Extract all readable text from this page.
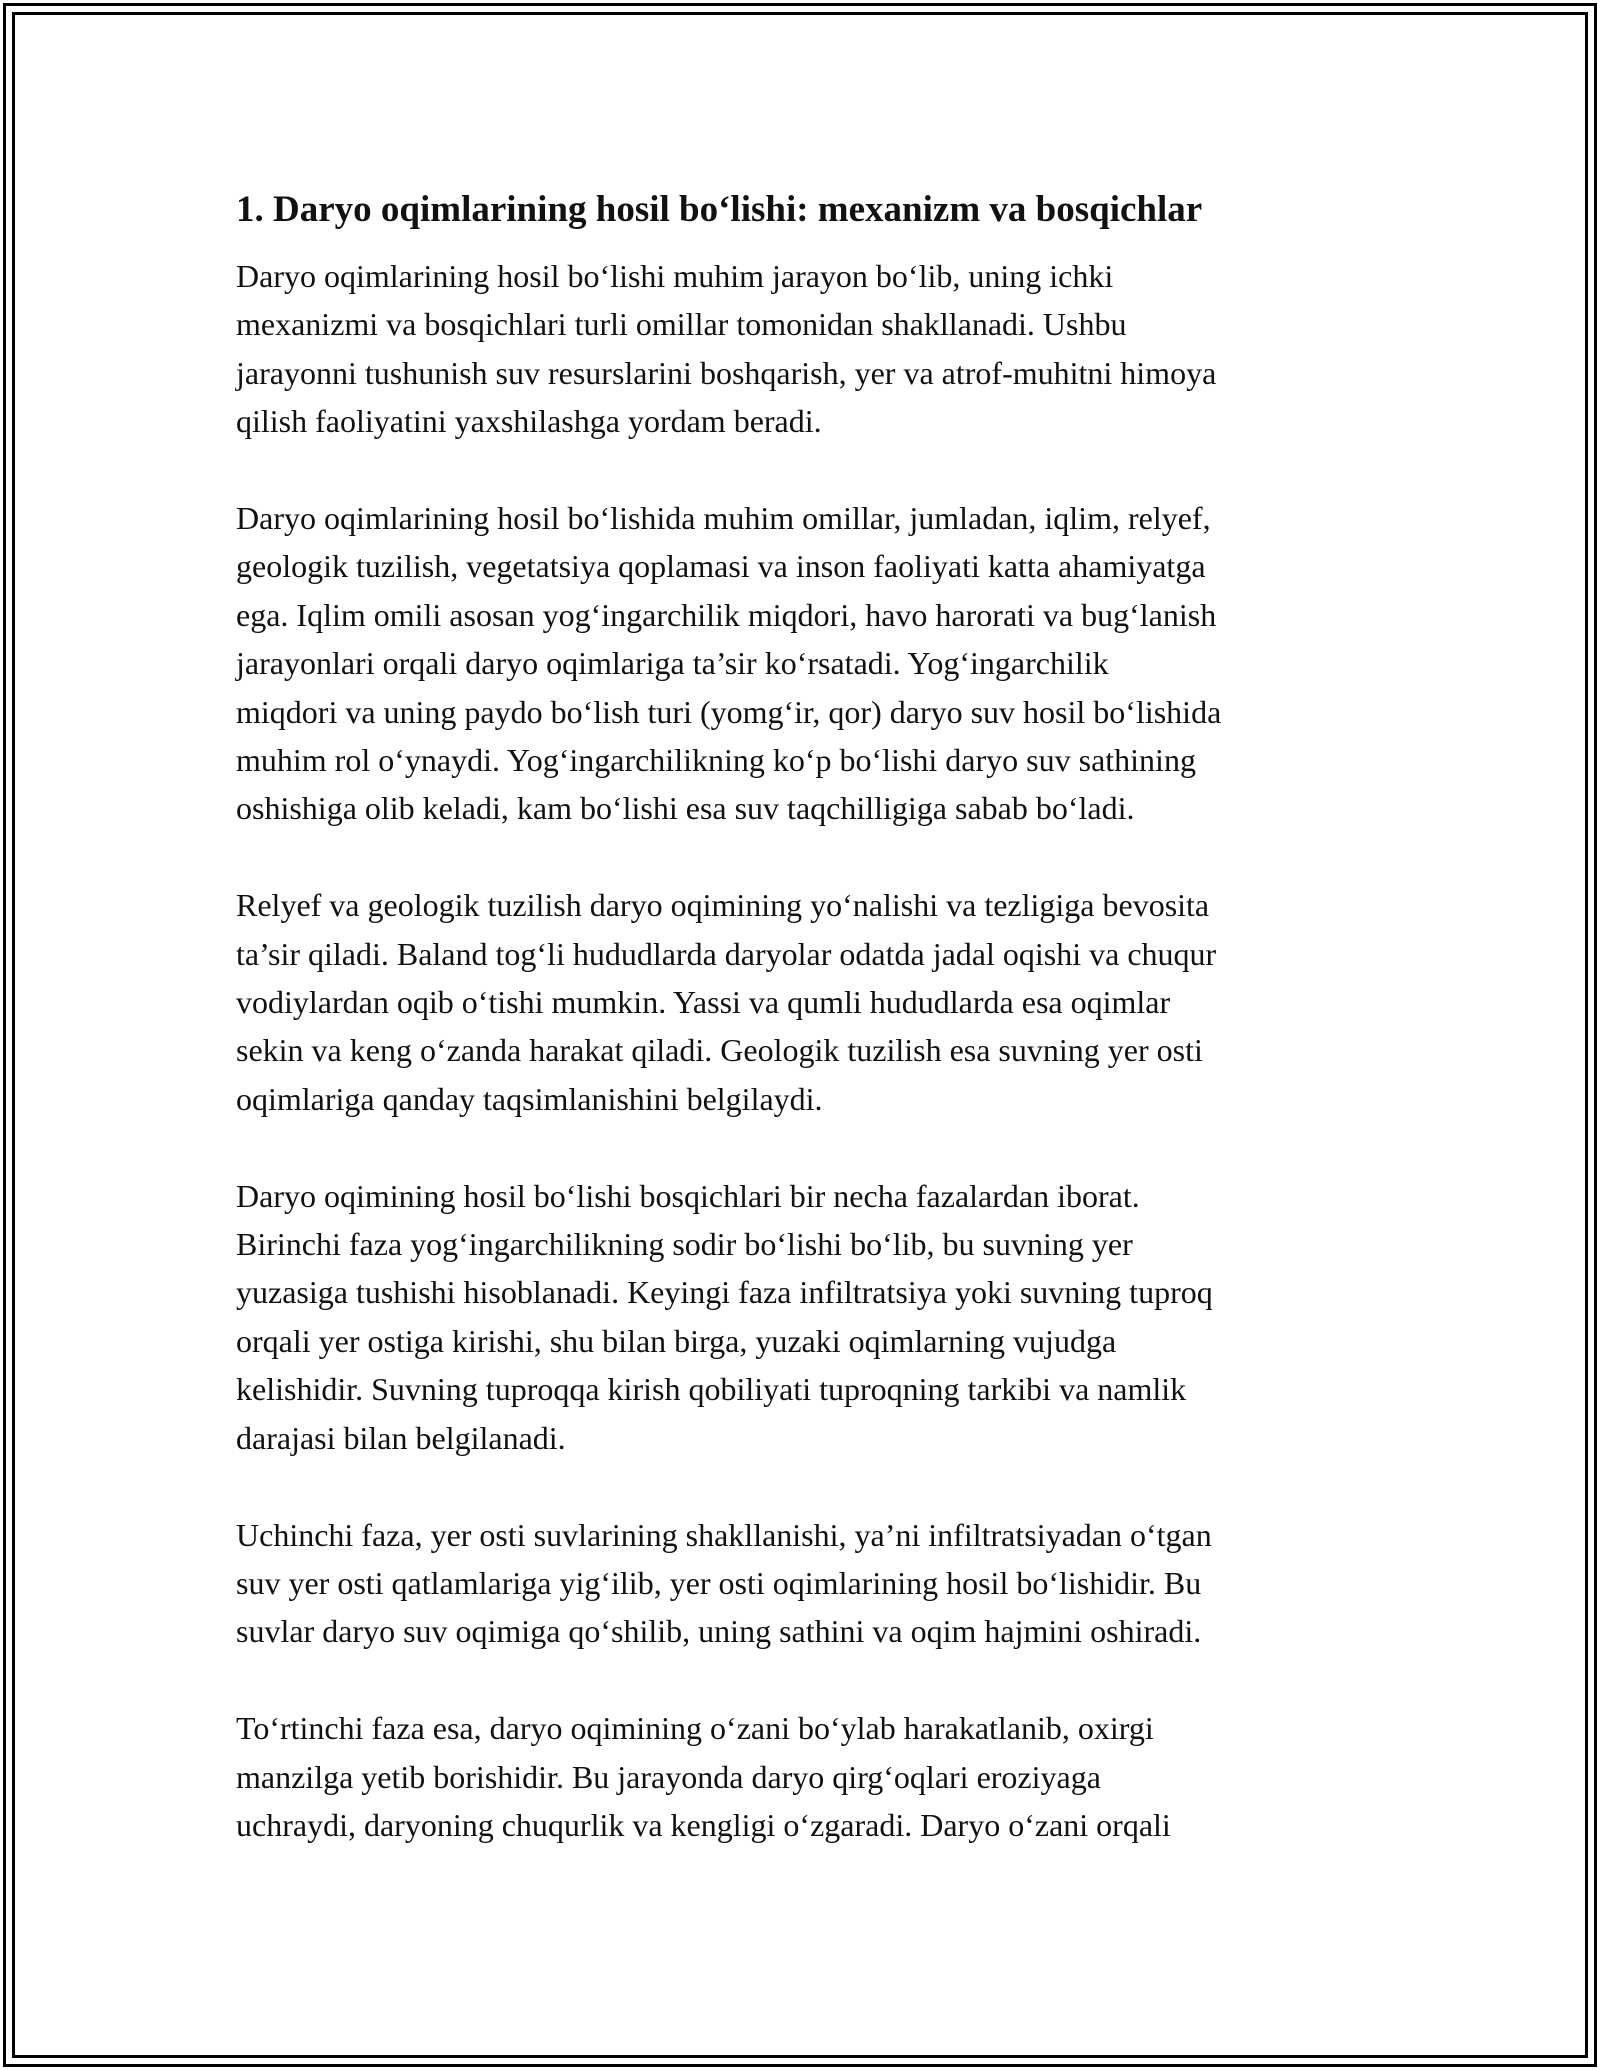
1. Daryo oqimlarining hosil bo‘lishi: mexanizm va bosqichlar
Daryo oqimlarining hosil bo‘lishi muhim jarayon bo‘lib, uning ichki
mexanizmi va bosqichlari turli omillar tomonidan shakllanadi. Ushbu
jarayonni tushunish suv resurslarini boshqarish, yer va atrof-muhitni himoya
qilish faoliyatini yaxshilashga yordam beradi.
Daryo oqimlarining hosil bo‘lishida muhim omillar, jumladan, iqlim, relyef,
geologik tuzilish, vegetatsiya qoplamasi va inson faoliyati katta ahamiyatga
ega. Iqlim omili asosan yog‘ingarchilik miqdori, havo harorati va bug‘lanish
jarayonlari orqali daryo oqimlariga ta’sir ko‘rsatadi. Yog‘ingarchilik
miqdori va uning paydo bo‘lish turi (yomg‘ir, qor) daryo suv hosil bo‘lishida
muhim rol o‘ynaydi. Yog‘ingarchilikning ko‘p bo‘lishi daryo suv sathining
oshishiga olib keladi, kam bo‘lishi esa suv taqchilligiga sabab bo‘ladi.
Relyef va geologik tuzilish daryo oqimining yo‘nalishi va tezligiga bevosita
ta’sir qiladi. Baland tog‘li hududlarda daryolar odatda jadal oqishi va chuqur
vodiylardan oqib o‘tishi mumkin. Yassi va qumli hududlarda esa oqimlar
sekin va keng o‘zanda harakat qiladi. Geologik tuzilish esa suvning yer osti
oqimlariga qanday taqsimlanishini belgilaydi.
Daryo oqimining hosil bo‘lishi bosqichlari bir necha fazalardan iborat.
Birinchi faza yog‘ingarchilikning sodir bo‘lishi bo‘lib, bu suvning yer
yuzasiga tushishi hisoblanadi. Keyingi faza infiltratsiya yoki suvning tuproq
orqali yer ostiga kirishi, shu bilan birga, yuzaki oqimlarning vujudga
kelishidir. Suvning tuproqqa kirish qobiliyati tuproqning tarkibi va namlik
darajasi bilan belgilanadi.
Uchinchi faza, yer osti suvlarining shakllanishi, ya’ni infiltratsiyadan o‘tgan
suv yer osti qatlamlariga yig‘ilib, yer osti oqimlarining hosil bo‘lishidir. Bu
suvlar daryo suv oqimiga qo‘shilib, uning sathini va oqim hajmini oshiradi.
To‘rtinchi faza esa, daryo oqimining o‘zani bo‘ylab harakatlanib, oxirgi
manzilga yetib borishidir. Bu jarayonda daryo qirg‘oqlari eroziyaga
uchraydi, daryoning chuqurlik va kengligi o‘zgaradi. Daryo o‘zani orqali
